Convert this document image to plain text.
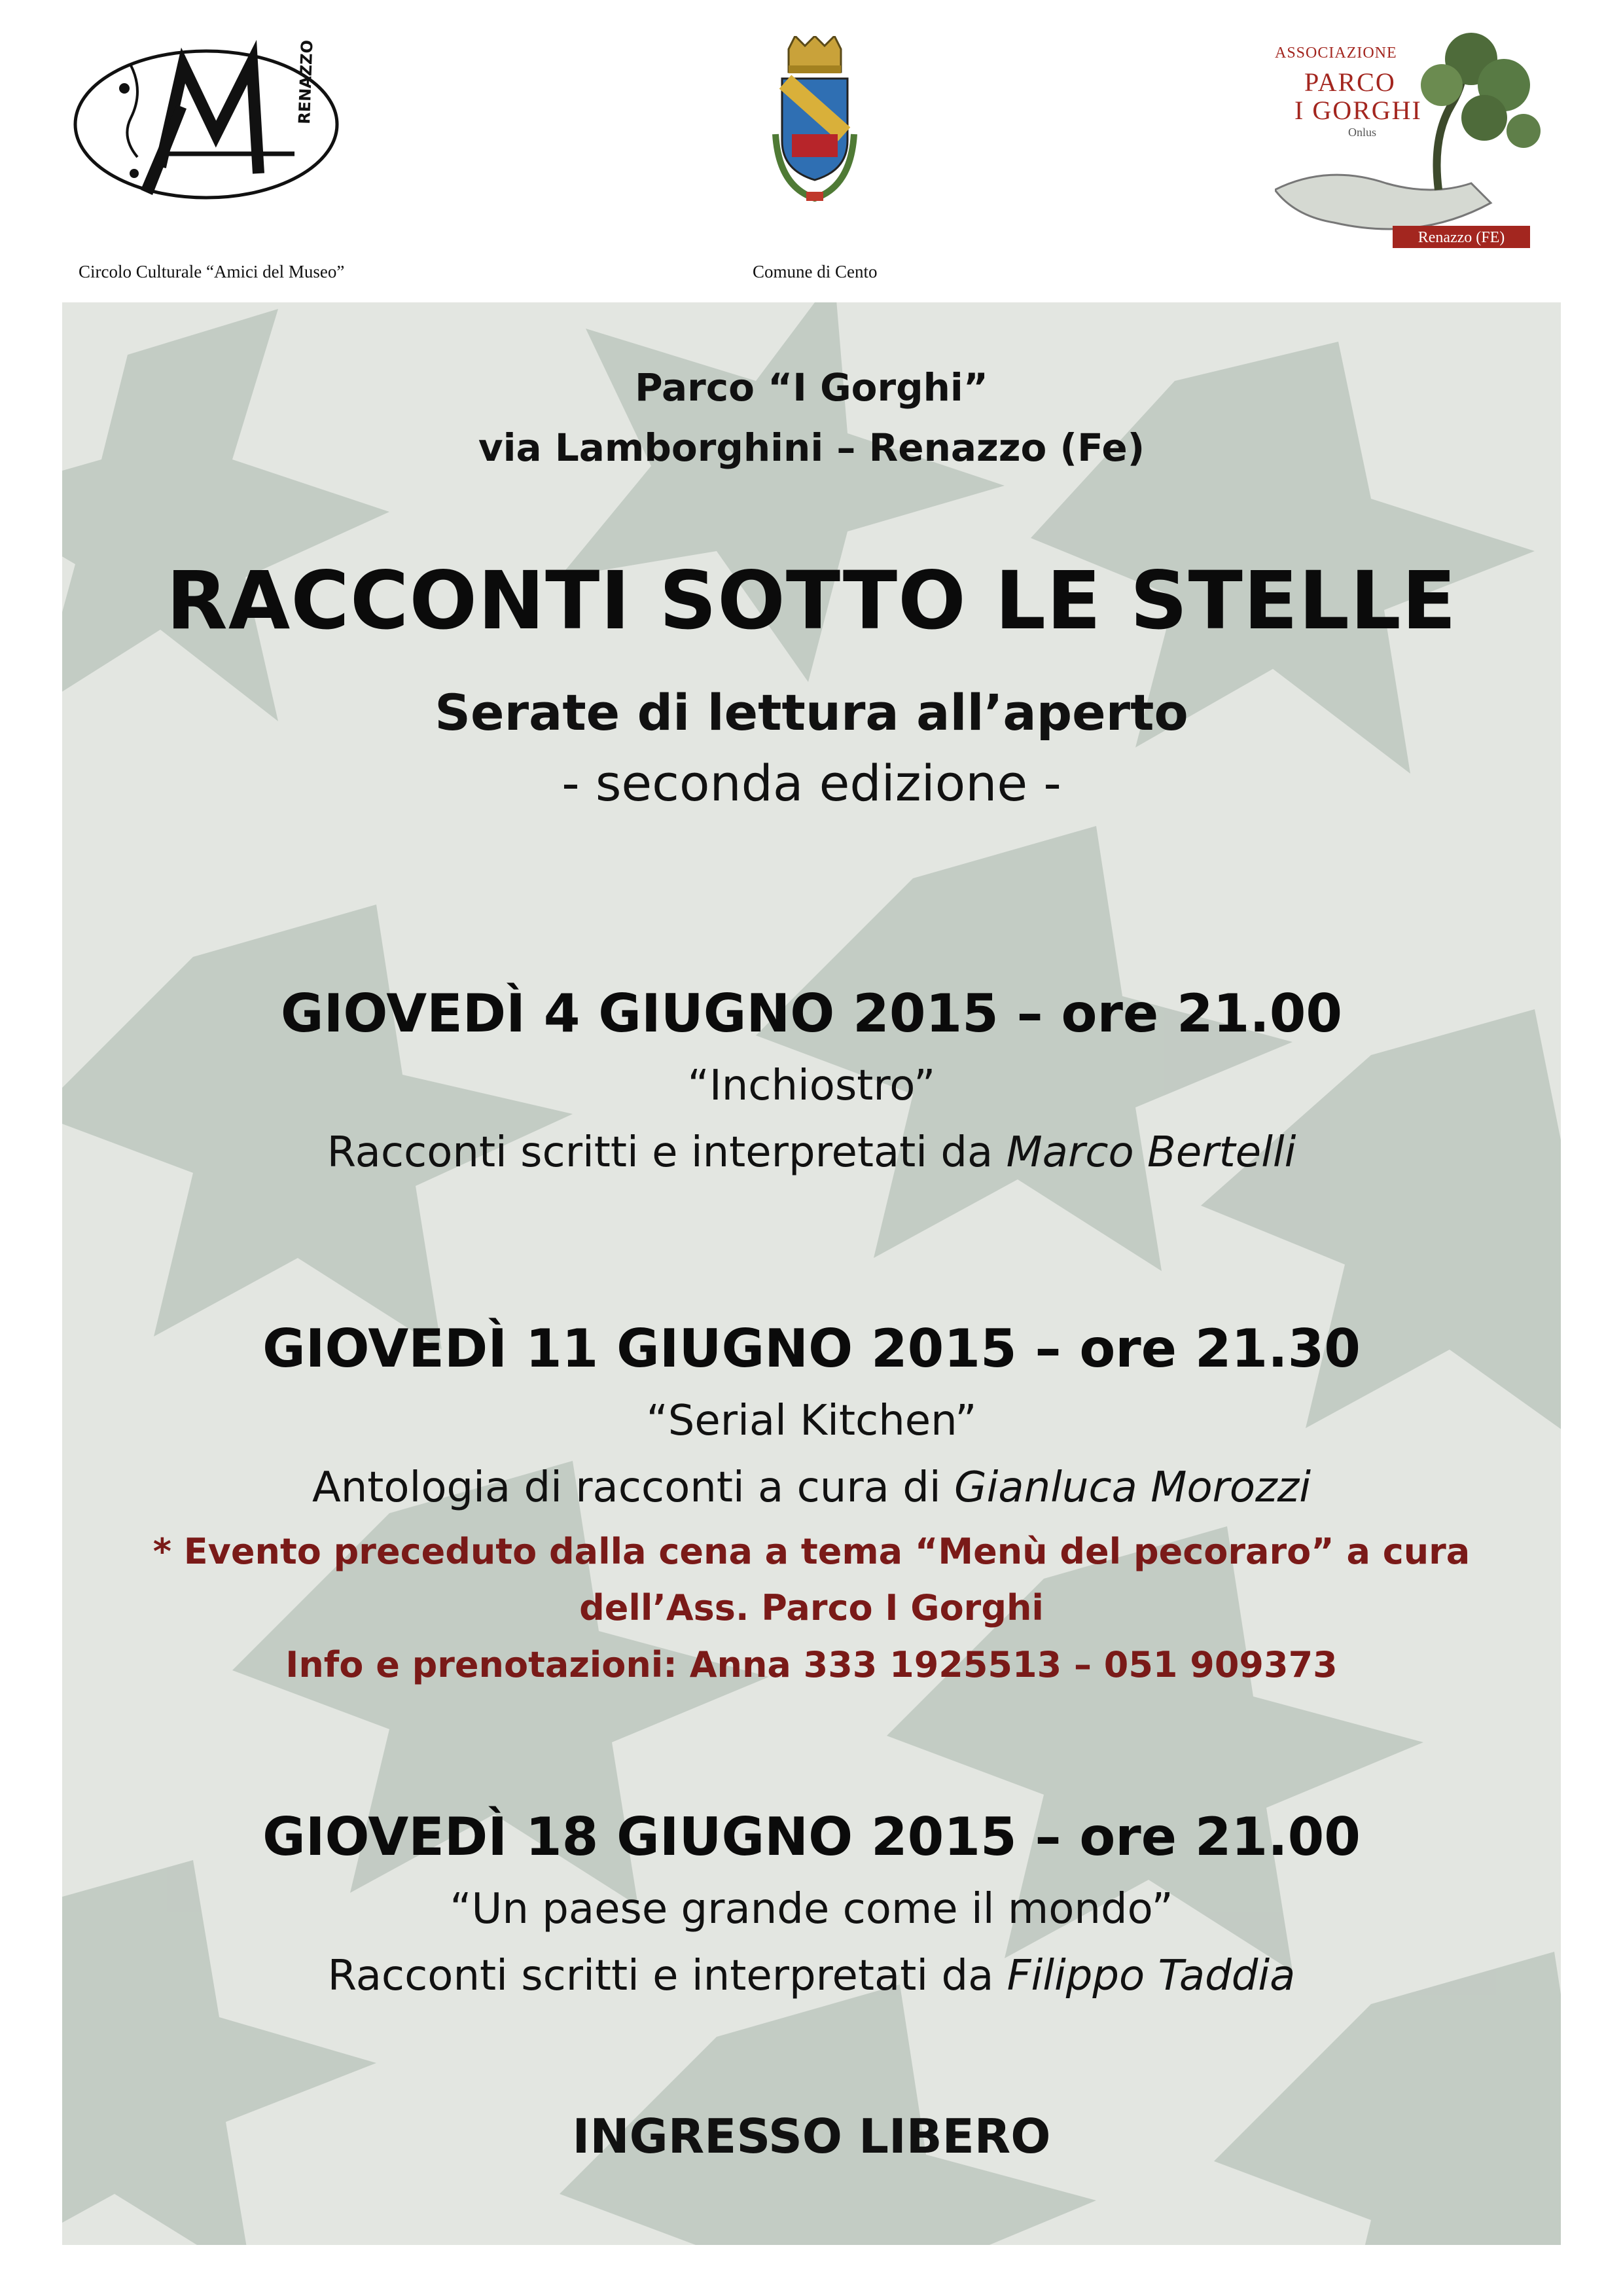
RENAZZO
Circolo Culturale “Amici del Museo”	Comune di Cento
Renazzo (FE)
ASSOCIAZIONE
PARCO
I GORGHI
Onlus
Parco “I Gorghi”
via Lamborghini – Renazzo (Fe)
RACCONTI SOTTO LE STELLE
Serate di lettura all’aperto
- seconda edizione -
GIOVEDÌ 4 GIUGNO 2015 – ore 21.00
“Inchiostro”
Racconti scritti e interpretati da Marco Bertelli
GIOVEDÌ 11 GIUGNO 2015 – ore 21.30
“Serial Kitchen”
Antologia di racconti a cura di Gianluca Morozzi
* Evento preceduto dalla cena a tema “Menù del pecoraro” a cura
dell’Ass. Parco I Gorghi
Info e prenotazioni: Anna 333 1925513 – 051 909373
GIOVEDÌ 18 GIUGNO 2015 – ore 21.00
“Un paese grande come il mondo”
Racconti scritti e interpretati da Filippo Taddia
INGRESSO LIBERO
